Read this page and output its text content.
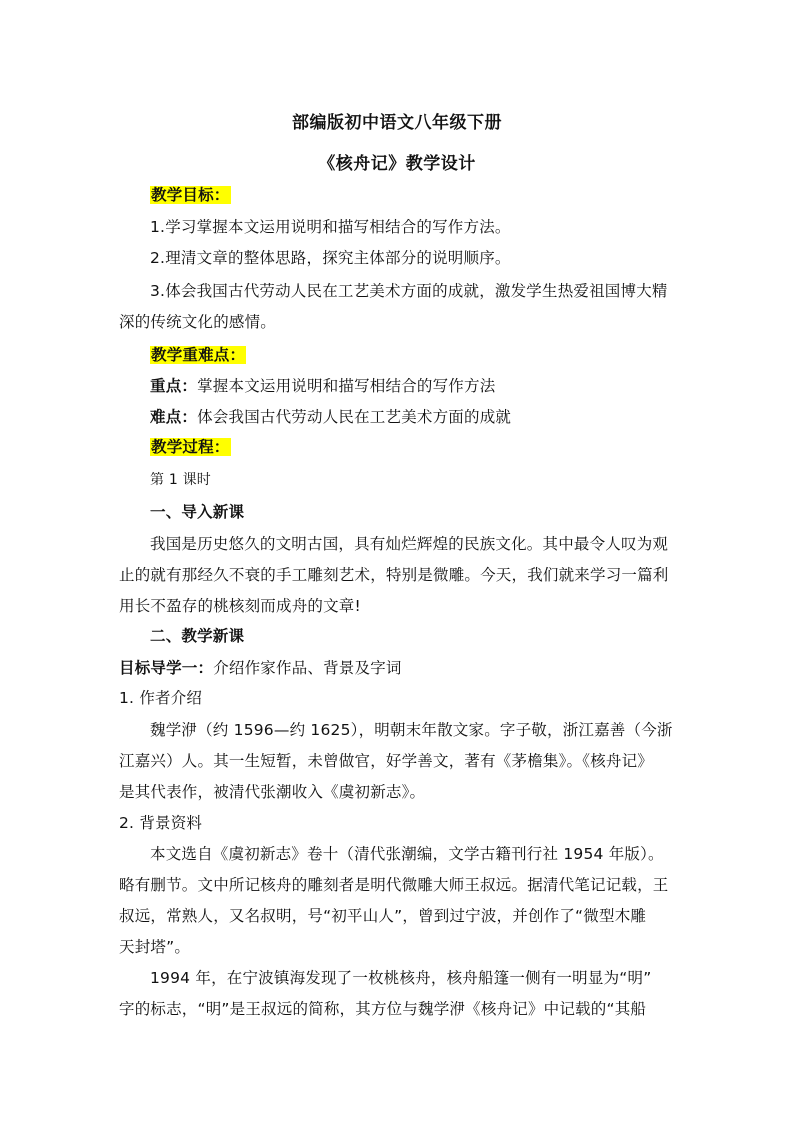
部编版初中语文八年级下册
《核舟记》教学设计
教学目标：
1.学习掌握本文运用说明和描写相结合的写作方法。
2.理清文章的整体思路，探究主体部分的说明顺序。
3.体会我国古代劳动人民在工艺美术方面的成就，激发学生热爱祖国博大精
深的传统文化的感情。
教学重难点：
重点：掌握本文运用说明和描写相结合的写作方法
难点：体会我国古代劳动人民在工艺美术方面的成就
教学过程：
第 1 课时
一、导入新课
我国是历史悠久的文明古国，具有灿烂辉煌的民族文化。其中最令人叹为观
止的就有那经久不衰的手工雕刻艺术，特别是微雕。今天，我们就来学习一篇利
用长不盈存的桃核刻而成舟的文章!
二、教学新课
目标导学一：介绍作家作品、背景及字词
1. 作者介绍
魏学洢（约 1596—约 1625），明朝末年散文家。字子敬，浙江嘉善（今浙
江嘉兴）人。其一生短暂，未曾做官，好学善文，著有《茅檐集》。《核舟记》
是其代表作，被清代张潮收入《虞初新志》。
2. 背景资料
本文选自《虞初新志》卷十（清代张潮编，文学古籍刊行社 1954 年版）。
略有删节。文中所记核舟的雕刻者是明代微雕大师王叔远。据清代笔记记载，王
叔远，常熟人，又名叔明，号“初平山人”，曾到过宁波，并创作了“微型木雕
天封塔”。
1994 年，在宁波镇海发现了一枚桃核舟，核舟船篷一侧有一明显为“明”
字的标志，“明”是王叔远的简称，其方位与魏学洢《核舟记》中记载的“其船
